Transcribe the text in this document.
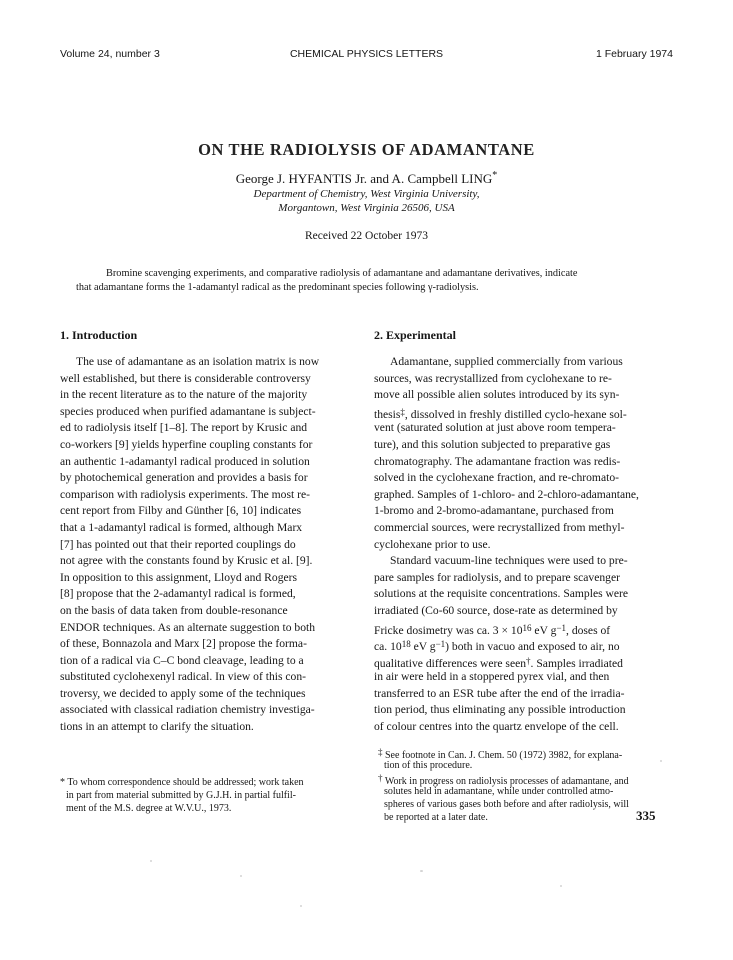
Volume 24, number 3	CHEMICAL PHYSICS LETTERS	1 February 1974
ON THE RADIOLYSIS OF ADAMANTANE
George J. HYFANTIS Jr. and A. Campbell LING*
Department of Chemistry, West Virginia University,
Morgantown, West Virginia 26506, USA
Received 22 October 1973
Bromine scavenging experiments, and comparative radiolysis of adamantane and adamantane derivatives, indicate
that adamantane forms the 1-adamantyl radical as the predominant species following γ-radiolysis.
1. Introduction	2. Experimental
The use of adamantane as an isolation matrix is now
well established, but there is considerable controversy
in the recent literature as to the nature of the majority
species produced when purified adamantane is subject-
ed to radiolysis itself [1–8]. The report by Krusic and
co-workers [9] yields hyperfine coupling constants for
an authentic 1-adamantyl radical produced in solution
by photochemical generation and provides a basis for
comparison with radiolysis experiments. The most re-
cent report from Filby and Günther [6, 10] indicates
that a 1-adamantyl radical is formed, although Marx
[7] has pointed out that their reported couplings do
not agree with the constants found by Krusic et al. [9].
In opposition to this assignment, Lloyd and Rogers
[8] propose that the 2-adamantyl radical is formed,
on the basis of data taken from double-resonance
ENDOR techniques. As an alternate suggestion to both
of these, Bonnazola and Marx [2] propose the forma-
tion of a radical via C–C bond cleavage, leading to a
substituted cyclohexenyl radical. In view of this con-
troversy, we decided to apply some of the techniques
associated with classical radiation chemistry investiga-
tions in an attempt to clarify the situation.
Adamantane, supplied commercially from various
sources, was recrystallized from cyclohexane to re-
move all possible alien solutes introduced by its syn-
thesis‡, dissolved in freshly distilled cyclo-hexane sol-
vent (saturated solution at just above room tempera-
ture), and this solution subjected to preparative gas
chromatography. The adamantane fraction was redis-
solved in the cyclohexane fraction, and re-chromato-
graphed. Samples of 1-chloro- and 2-chloro-adamantane,
1-bromo and 2-bromo-adamantane, purchased from
commercial sources, were recrystallized from methyl-
cyclohexane prior to use.
Standard vacuum-line techniques were used to pre-
pare samples for radiolysis, and to prepare scavenger
solutions at the requisite concentrations. Samples were
irradiated (Co-60 source, dose-rate as determined by
Fricke dosimetry was ca. $3 \times 10^{16}$ eV $g^{-1}$, doses of
ca. $10^{18}$ eV $g^{-1}$) both in vacuo and exposed to air, no
qualitative differences were seen†. Samples irradiated
in air were held in a stoppered pyrex vial, and then
transferred to an ESR tube after the end of the irradia-
tion period, thus eliminating any possible introduction
of colour centres into the quartz envelope of the cell.
‡ See footnote in Can. J. Chem. 50 (1972) 3982, for explana-
tion of this procedure.
† Work in progress on radiolysis processes of adamantane, and
solutes held in adamantane, while under controlled atmo-
spheres of various gases both before and after radiolysis, will
be reported at a later date.
* To whom correspondence should be addressed; work taken
in part from material submitted by G.J.H. in partial fulfil-
ment of the M.S. degree at W.V.U., 1973.	335
